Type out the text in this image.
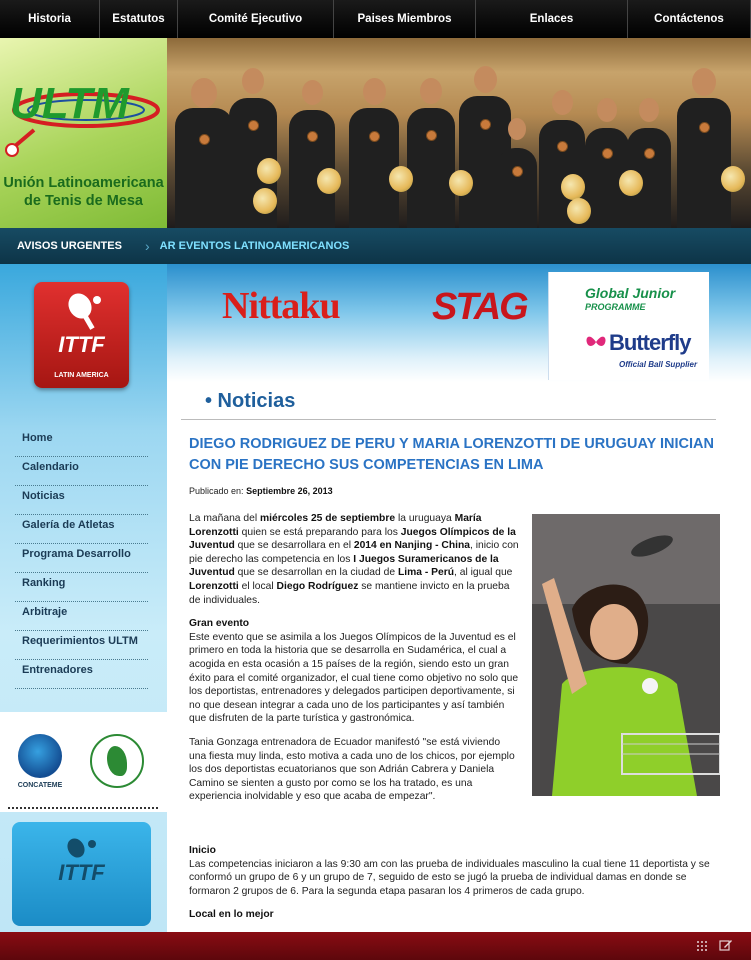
Historia	Estatutos	Comité Ejecutivo	Paises Miembros	Enlaces	Contáctenos
ULTM
Unión Latinoamericana
de Tenis de Mesa
AVISOS URGENTES	› AR EVENTOS LATINOAMERICANOS
ITTF
LATIN AMERICA
Home
Calendario
Noticias
Galería de Atletas
Programa Desarrollo
Ranking
Arbitraje
Requerimientos ULTM
Entrenadores
CONCATEME
ITTF
Nittaku STAG	Global Junior
PROGRAMME
Butterfly
Official Ball Supplier
• Noticias
DIEGO RODRIGUEZ DE PERU Y MARIA LORENZOTTI DE URUGUAY INICIAN CON PIE DERECHO SUS COMPETENCIAS EN LIMA
Publicado en: Septiembre 26, 2013

La mañana del miércoles 25 de septiembre la uruguaya María Lorenzotti quien se está preparando para los Juegos Olímpicos de la Juventud que se desarrollara en el 2014 en Nanjing - China, inicio con pie derecho las competencia en los I Juegos Suramericanos de la Juventud que se desarrollan en la ciudad de Lima - Perú, al igual que Lorenzotti el local Diego Rodríguez se mantiene invicto en la prueba de individuales.

Gran evento

Este evento que se asimila a los Juegos Olímpicos de la Juventud es el primero en toda la historia que se desarrolla en Sudamérica, el cual a acogida en esta ocasión a 15 países de la región, siendo esto un gran éxito para el comité organizador, el cual tiene como objetivo no solo que los deportistas, entrenadores y delegados participen deportivamente, si no que desean integrar a cada uno de los participantes y así también que disfruten de la parte turística y gastronómica.

Tania Gonzaga entrenadora de Ecuador manifestó "se está viviendo una fiesta muy linda, esto motiva a cada uno de los chicos, por ejemplo los dos deportistas ecuatorianos que son Adrián Cabrera y Daniela Camino se sienten a gusto por como se los ha tratado, es una experiencia inolvidable y eso que acaba de empezar".

Inicio

Las competencias iniciaron a las 9:30 am con las prueba de individuales masculino la cual tiene 11 deportista y se conformó un grupo de 6 y un grupo de 7, seguido de esto se jugó la prueba de individual damas en donde se formaron 2 grupos de 6. Para la segunda etapa pasaran los 4 primeros de cada grupo.

Local en lo mejor
